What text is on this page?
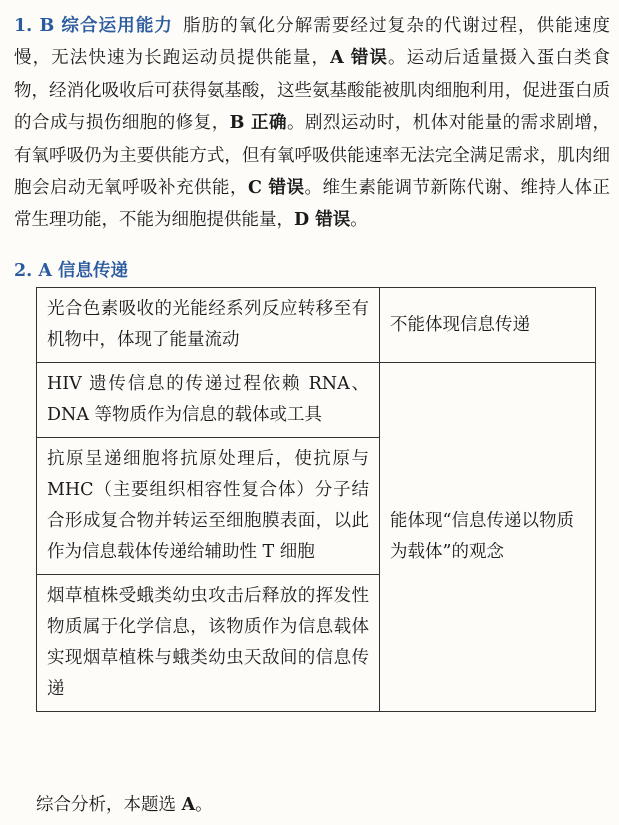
1. B 综合运用能力 脂肪的氧化分解需要经过复杂的代谢过程，供能速度慢，无法快速为长跑运动员提供能量，A 错误。运动后适量摄入蛋白类食物，经消化吸收后可获得氨基酸，这些氨基酸能被肌肉细胞利用，促进蛋白质的合成与损伤细胞的修复，B 正确。剧烈运动时，机体对能量的需求剧增，有氧呼吸仍为主要供能方式，但有氧呼吸供能速率无法完全满足需求，肌肉细胞会启动无氧呼吸补充供能，C 错误。维生素能调节新陈代谢、维持人体正常生理功能，不能为细胞提供能量，D 错误。
2. A 信息传递
光合色素吸收的光能经系列反应转移至有机物中，体现了能量流动	不能体现信息传递
HIV 遗传信息的传递过程依赖 RNA、DNA 等物质作为信息的载体或工具	能体现“信息传递以物质为载体”的观念
抗原呈递细胞将抗原处理后，使抗原与 MHC（主要组织相容性复合体）分子结合形成复合物并转运至细胞膜表面，以此作为信息载体传递给辅助性 T 细胞	
烟草植株受蛾类幼虫攻击后释放的挥发性物质属于化学信息，该物质作为信息载体实现烟草植株与蛾类幼虫天敌间的信息传递	
综合分析，本题选 A。
